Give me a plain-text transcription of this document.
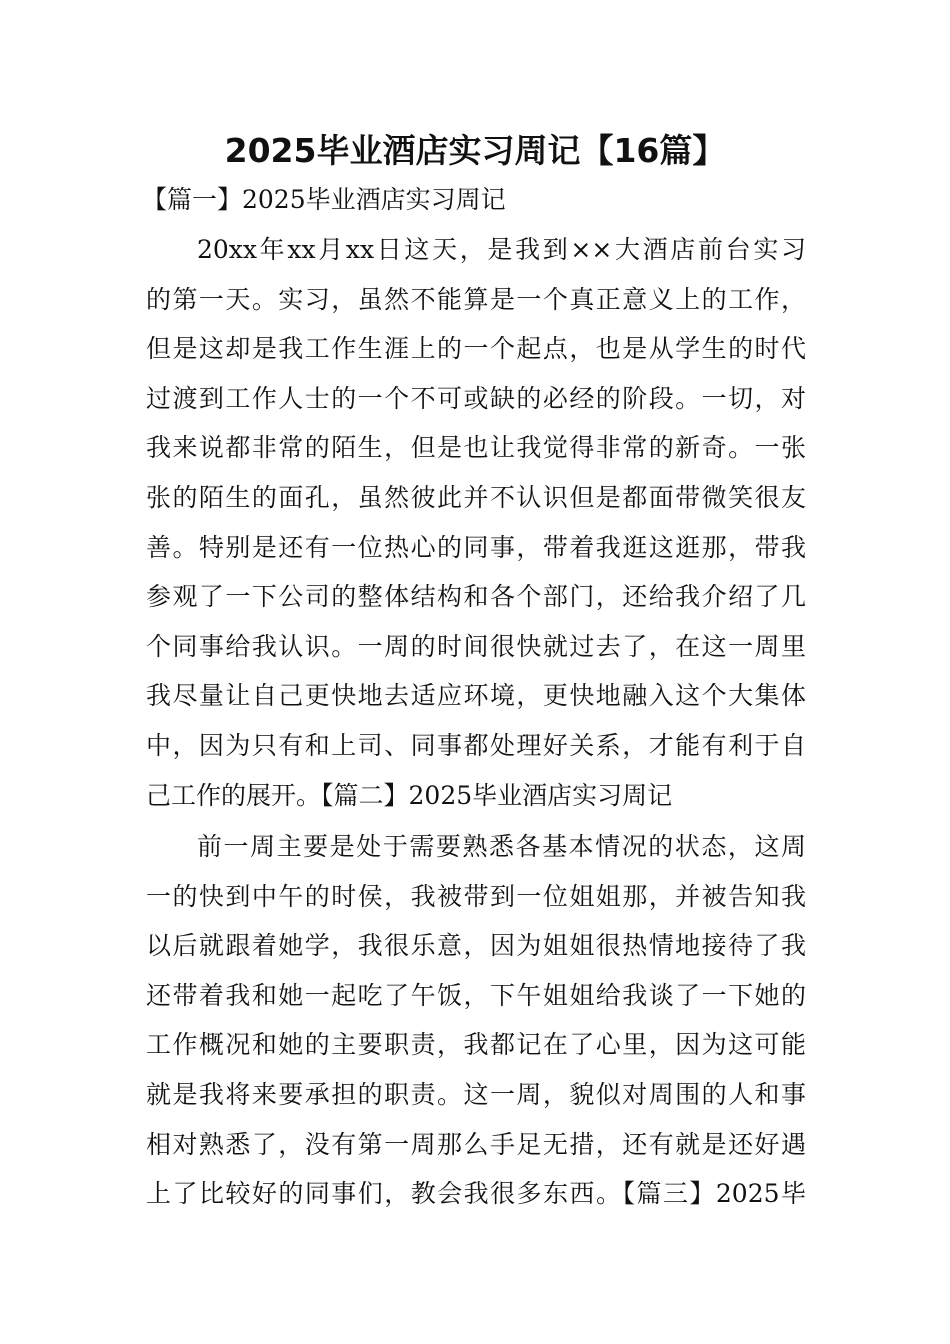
2025毕业酒店实习周记【16篇】
【篇一】2025毕业酒店实习周记
20xx年xx月xx日这天，是我到××大酒店前台实习
的第一天。实习，虽然不能算是一个真正意义上的工作，
但是这却是我工作生涯上的一个起点，也是从学生的时代
过渡到工作人士的一个不可或缺的必经的阶段。一切，对
我来说都非常的陌生，但是也让我觉得非常的新奇。一张
张的陌生的面孔，虽然彼此并不认识但是都面带微笑很友
善。特别是还有一位热心的同事，带着我逛这逛那，带我
参观了一下公司的整体结构和各个部门，还给我介绍了几
个同事给我认识。一周的时间很快就过去了，在这一周里
我尽量让自己更快地去适应环境，更快地融入这个大集体
中，因为只有和上司、同事都处理好关系，才能有利于自
己工作的展开。【篇二】2025毕业酒店实习周记
前一周主要是处于需要熟悉各基本情况的状态，这周
一的快到中午的时侯，我被带到一位姐姐那，并被告知我
以后就跟着她学，我很乐意，因为姐姐很热情地接待了我
还带着我和她一起吃了午饭，下午姐姐给我谈了一下她的
工作概况和她的主要职责，我都记在了心里，因为这可能
就是我将来要承担的职责。这一周，貌似对周围的人和事
相对熟悉了，没有第一周那么手足无措，还有就是还好遇
上了比较好的同事们，教会我很多东西。【篇三】2025毕
